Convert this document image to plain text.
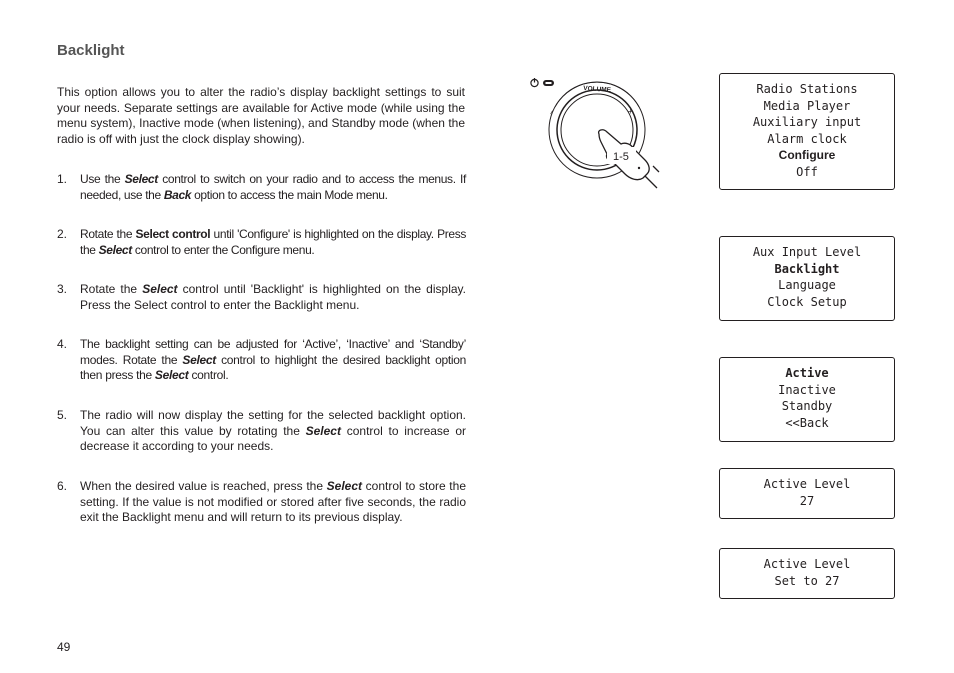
Backlight

This option allows you to alter the radio’s display backlight settings to suit your needs. Separate settings are available for Active mode (while using the menu system), Inactive mode (when listening), and Standby mode (when the radio is off with just the clock display showing).

1. Use the Select control to switch on your radio and to access the menus. If needed, use the Back option to access the main Mode menu.
2. Rotate the Select control until 'Configure' is highlighted on the display. Press the Select control to enter the Configure menu.
3. Rotate the Select control until 'Backlight' is highlighted on the display. Press the Select control to enter the Backlight menu.
4. The backlight setting can be adjusted for ‘Active’, ‘Inactive’ and ‘Standby’ modes. Rotate the Select control to highlight the desired backlight option then press the Select control.
5. The radio will now display the setting for the selected backlight option. You can alter this value by rotating the Select control to increase or decrease it according to your needs.
6. When the desired value is reached, press the Select control to store the setting. If the value is not modified or stored after five seconds, the radio exit the Backlight menu and will return to its previous display.
49
VOLUME
–	+
1-5
Radio Stations
Media Player
Auxiliary input
Alarm clock
Configure
Off
Aux Input Level
Backlight
Language
Clock Setup
Active
Inactive
Standby
<<Back
Active Level
27
Active Level
Set to 27
